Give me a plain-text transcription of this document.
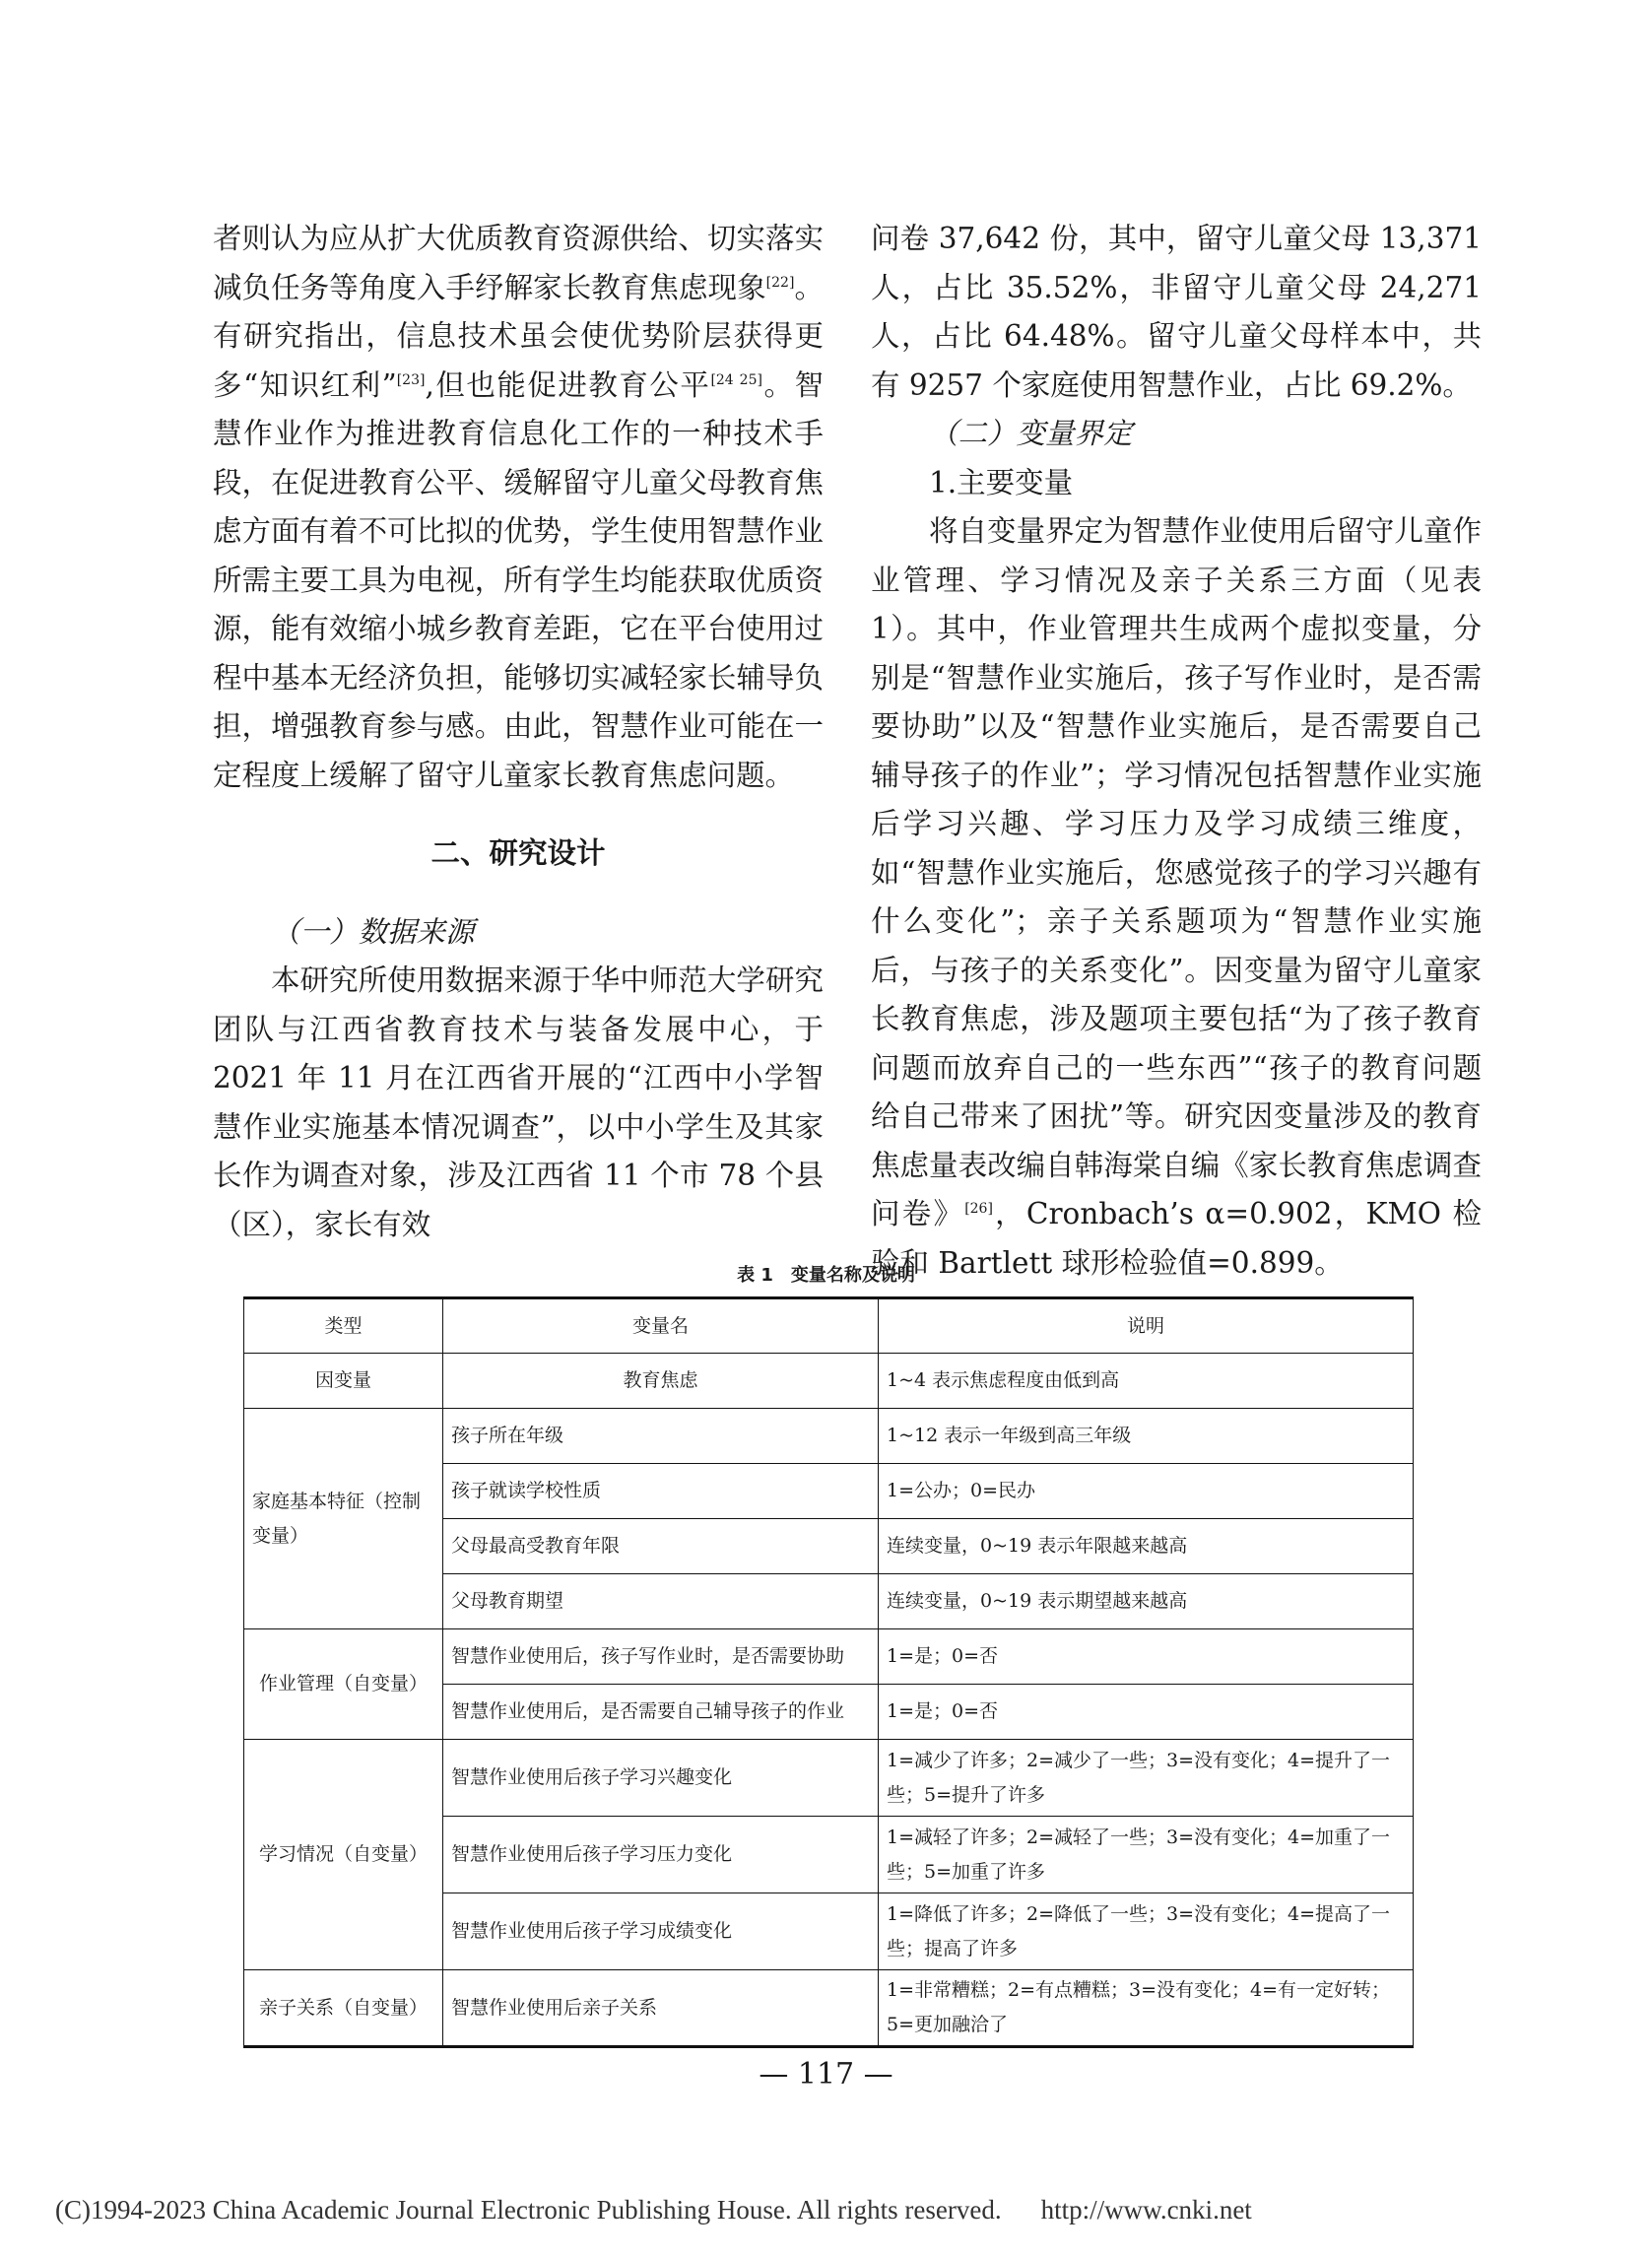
者则认为应从扩大优质教育资源供给、切实落实减负任务等角度入手纾解家长教育焦虑现象[22]。有研究指出，信息技术虽会使优势阶层获得更多“知识红利”[23],但也能促进教育公平[24 25]。智慧作业作为推进教育信息化工作的一种技术手段，在促进教育公平、缓解留守儿童父母教育焦虑方面有着不可比拟的优势，学生使用智慧作业所需主要工具为电视，所有学生均能获取优质资源，能有效缩小城乡教育差距，它在平台使用过程中基本无经济负担，能够切实减轻家长辅导负担，增强教育参与感。由此，智慧作业可能在一定程度上缓解了留守儿童家长教育焦虑问题。

二、研究设计

（一）数据来源

本研究所使用数据来源于华中师范大学研究团队与江西省教育技术与装备发展中心，于 2021 年 11 月在江西省开展的“江西中小学智慧作业实施基本情况调查”，以中小学生及其家长作为调查对象，涉及江西省 11 个市 78 个县（区），家长有效

问卷 37,642 份，其中，留守儿童父母 13,371 人，占比 35.52%，非留守儿童父母 24,271 人，占比 64.48%。留守儿童父母样本中，共有 9257 个家庭使用智慧作业，占比 69.2%。

（二）变量界定

1.主要变量

将自变量界定为智慧作业使用后留守儿童作业管理、学习情况及亲子关系三方面（见表 1）。其中，作业管理共生成两个虚拟变量，分别是“智慧作业实施后，孩子写作业时，是否需要协助”以及“智慧作业实施后，是否需要自己辅导孩子的作业”；学习情况包括智慧作业实施后学习兴趣、学习压力及学习成绩三维度，如“智慧作业实施后，您感觉孩子的学习兴趣有什么变化”；亲子关系题项为“智慧作业实施后，与孩子的关系变化”。因变量为留守儿童家长教育焦虑，涉及题项主要包括“为了孩子教育问题而放弃自己的一些东西”“孩子的教育问题给自己带来了困扰”等。研究因变量涉及的教育焦虑量表改编自韩海棠自编《家长教育焦虑调查问卷》[26]，Cronbach’s α=0.902，KMO 检验和 Bartlett 球形检验值=0.899。

表 1　变量名称及说明
类型	变量名	说明
因变量	教育焦虑	1~4 表示焦虑程度由低到高
家庭基本特征（控制变量）	孩子所在年级	1~12 表示一年级到高三年级
	孩子就读学校性质	1=公办；0=民办
	父母最高受教育年限	连续变量，0~19 表示年限越来越高
	父母教育期望	连续变量，0~19 表示期望越来越高
作业管理（自变量）	智慧作业使用后，孩子写作业时，是否需要协助	1=是；0=否
	智慧作业使用后，是否需要自己辅导孩子的作业	1=是；0=否
学习情况（自变量）	智慧作业使用后孩子学习兴趣变化	1=减少了许多；2=减少了一些；3=没有变化；4=提升了一些；5=提升了许多
	智慧作业使用后孩子学习压力变化	1=减轻了许多；2=减轻了一些；3=没有变化；4=加重了一些；5=加重了许多
	智慧作业使用后孩子学习成绩变化	1=降低了许多；2=降低了一些；3=没有变化；4=提高了一些；提高了许多
亲子关系（自变量）	智慧作业使用后亲子关系	1=非常糟糕；2=有点糟糕；3=没有变化；4=有一定好转；5=更加融洽了
— 117 —
(C)1994-2023 China Academic Journal Electronic Publishing House. All rights reserved. http://www.cnki.net
